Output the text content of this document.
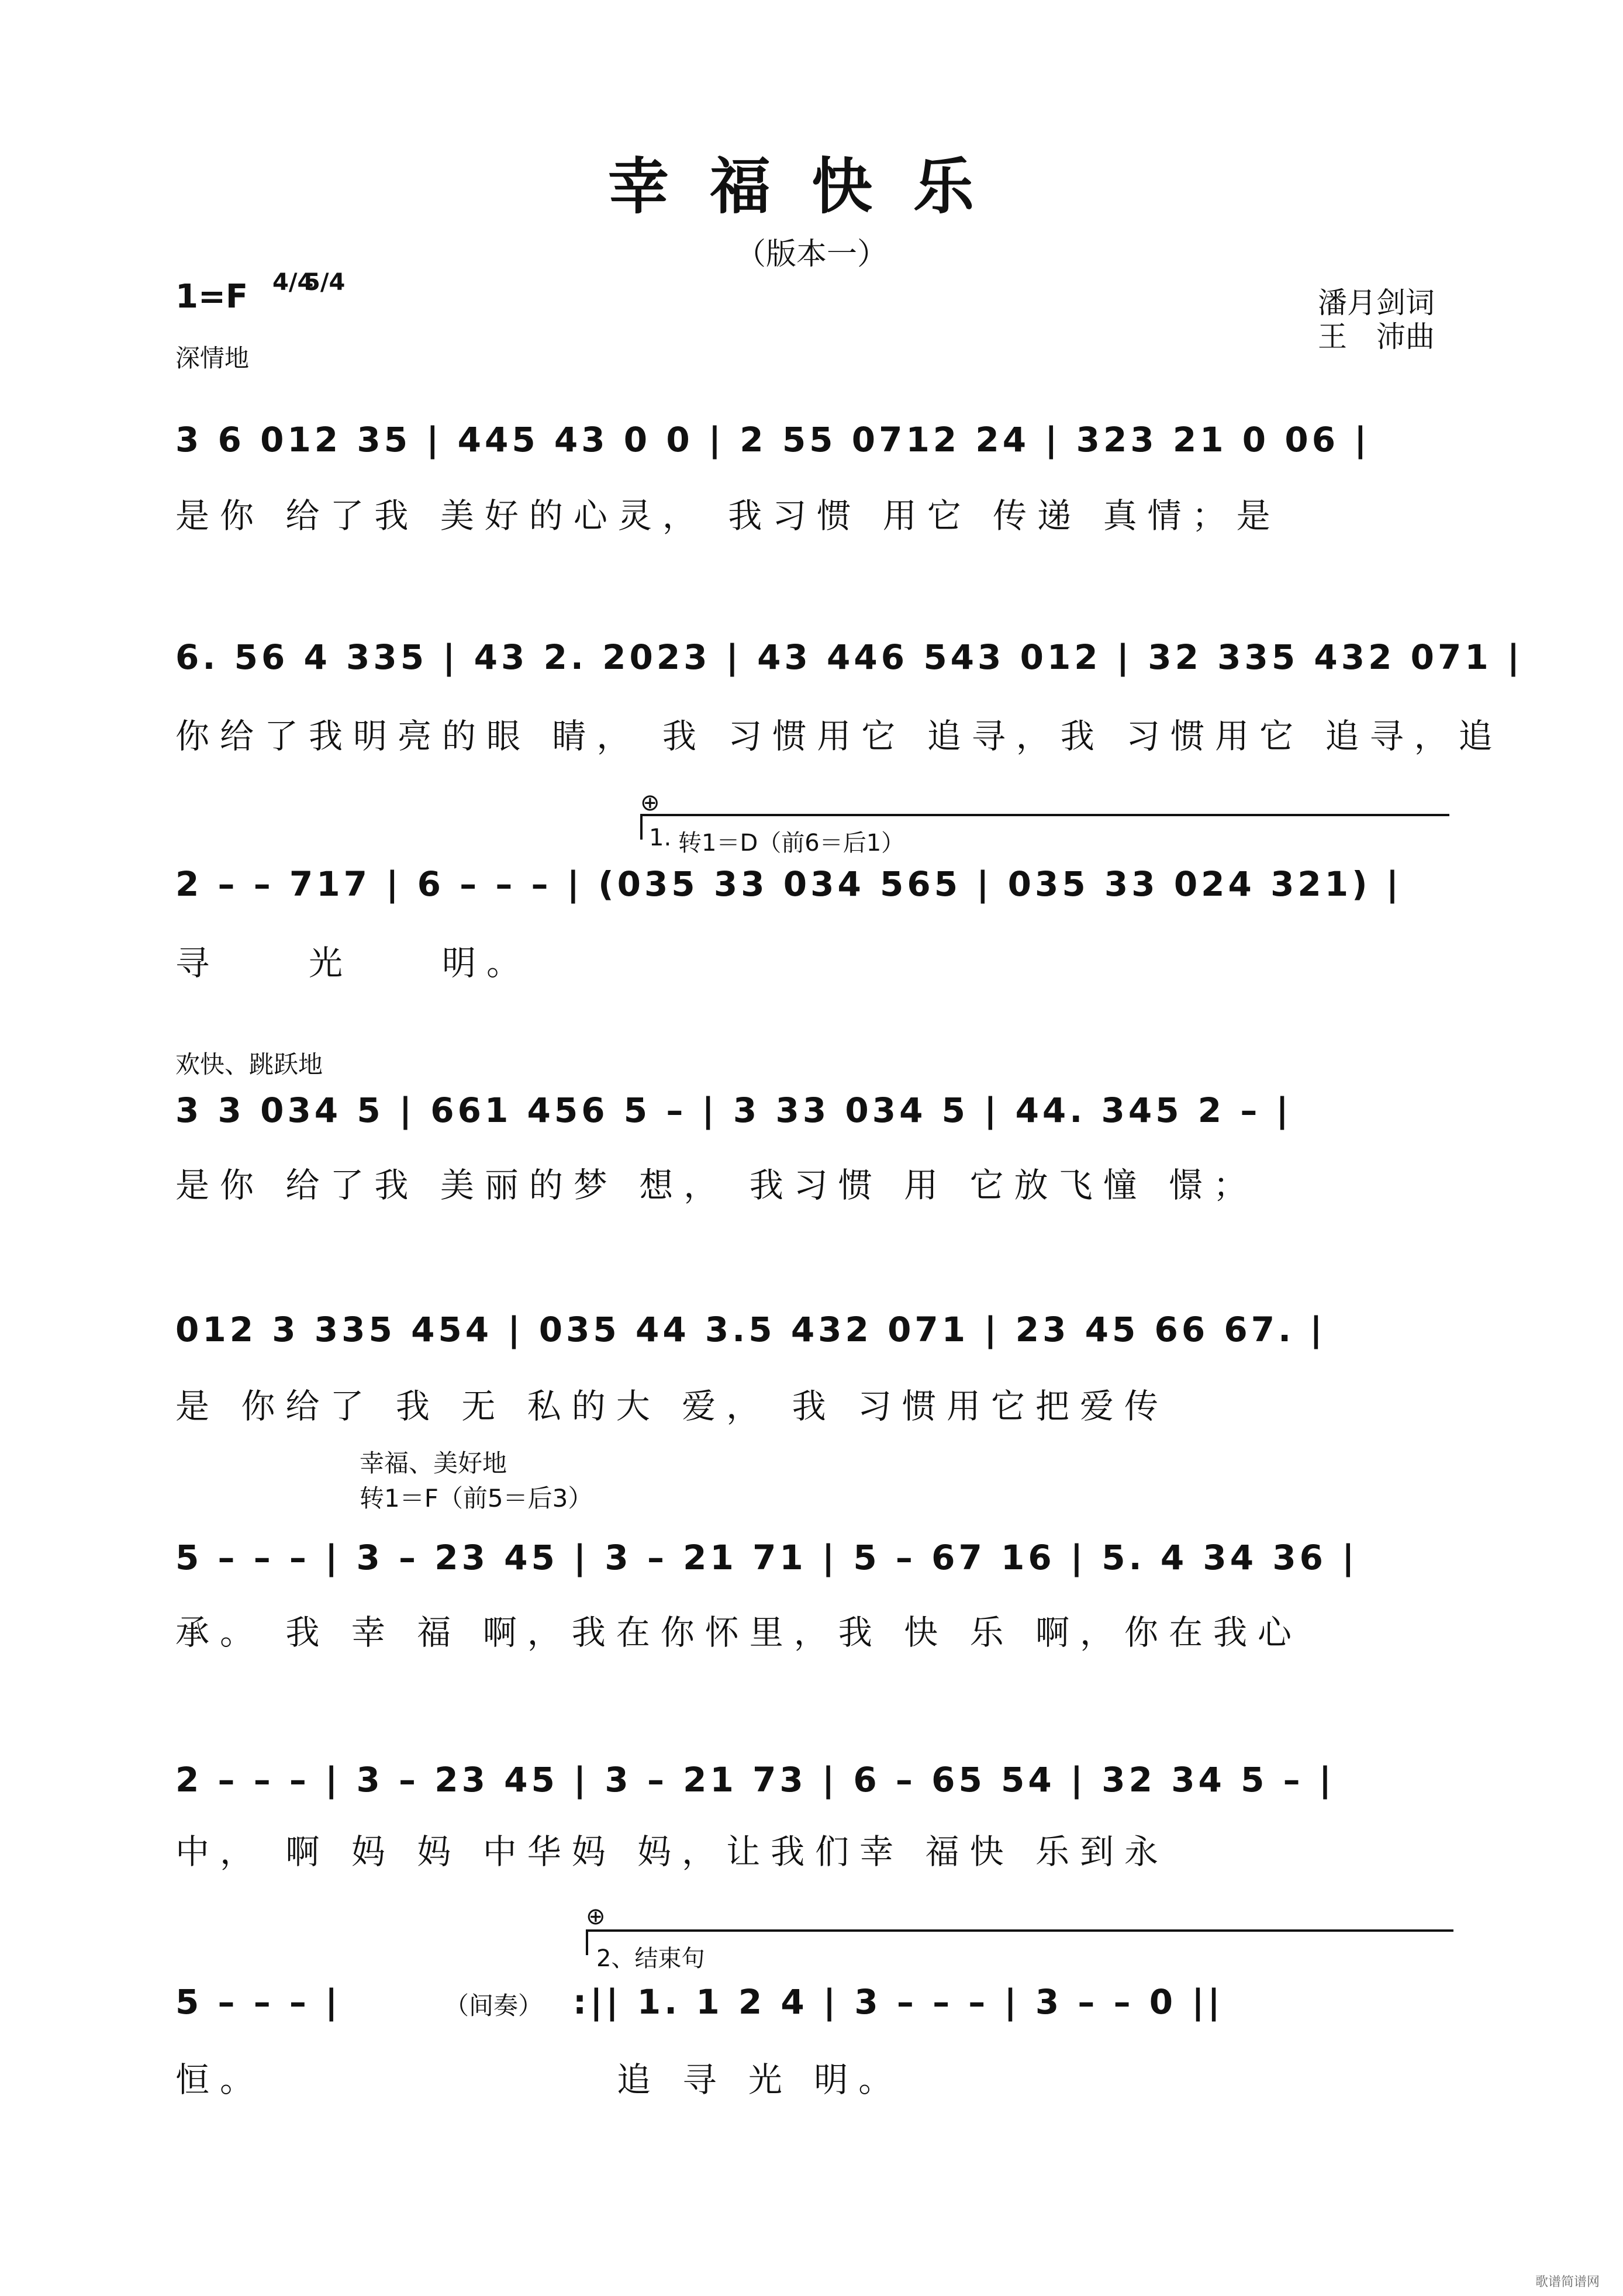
幸福快乐
（版本一）
1=F 4/4
5/4
潘月剑词
王　沛曲
深情地
3 6 012 35 | 445 43 0 0 | 2 55 0712 24 | 323 21 0 06 |
是你 给了我 美好的心灵， 我习惯 用它 传递 真情；是
6. 56 4 335 | 43 2. 2023 | 43 446 543 012 | 32 335 432 071 |
你给了我明亮的眼 睛， 我 习惯用它 追寻，我 习惯用它 追寻，追
⊕
1. 转1＝D（前6＝后1）
2 – – 717 | 6 – – – | (035 33 034 565 | 035 33 024 321) |
寻　　光　　明。
欢快、跳跃地
3 3 034 5 | 661 456 5 – | 3 33 034 5 | 44. 345 2 – |
是你 给了我 美丽的梦 想， 我习惯 用 它放飞憧 憬；
012 3 335 454 | 035 44 3.5 432 071 | 23 45 66 67. |
是 你给了 我 无 私的大 爱， 我 习惯用它把爱传
幸福、美好地
转1＝F（前5＝后3）
5 – – – | 3 – 23 45 | 3 – 21 71 | 5 – 67 16 | 5. 4 34 36 |
承。 我 幸 福 啊，我在你怀里，我 快 乐 啊，你在我心
2 – – – | 3 – 23 45 | 3 – 21 73 | 6 – 65 54 | 32 34 5 – |
中， 啊 妈 妈 中华妈 妈，让我们幸 福快 乐到永
⊕
2、结束句
5 – – – |	（间奏） :|| 1. 1 2 4 | 3 – – – | 3 – – 0 ||
恒。	追 寻 光 明。
歌谱简谱网
